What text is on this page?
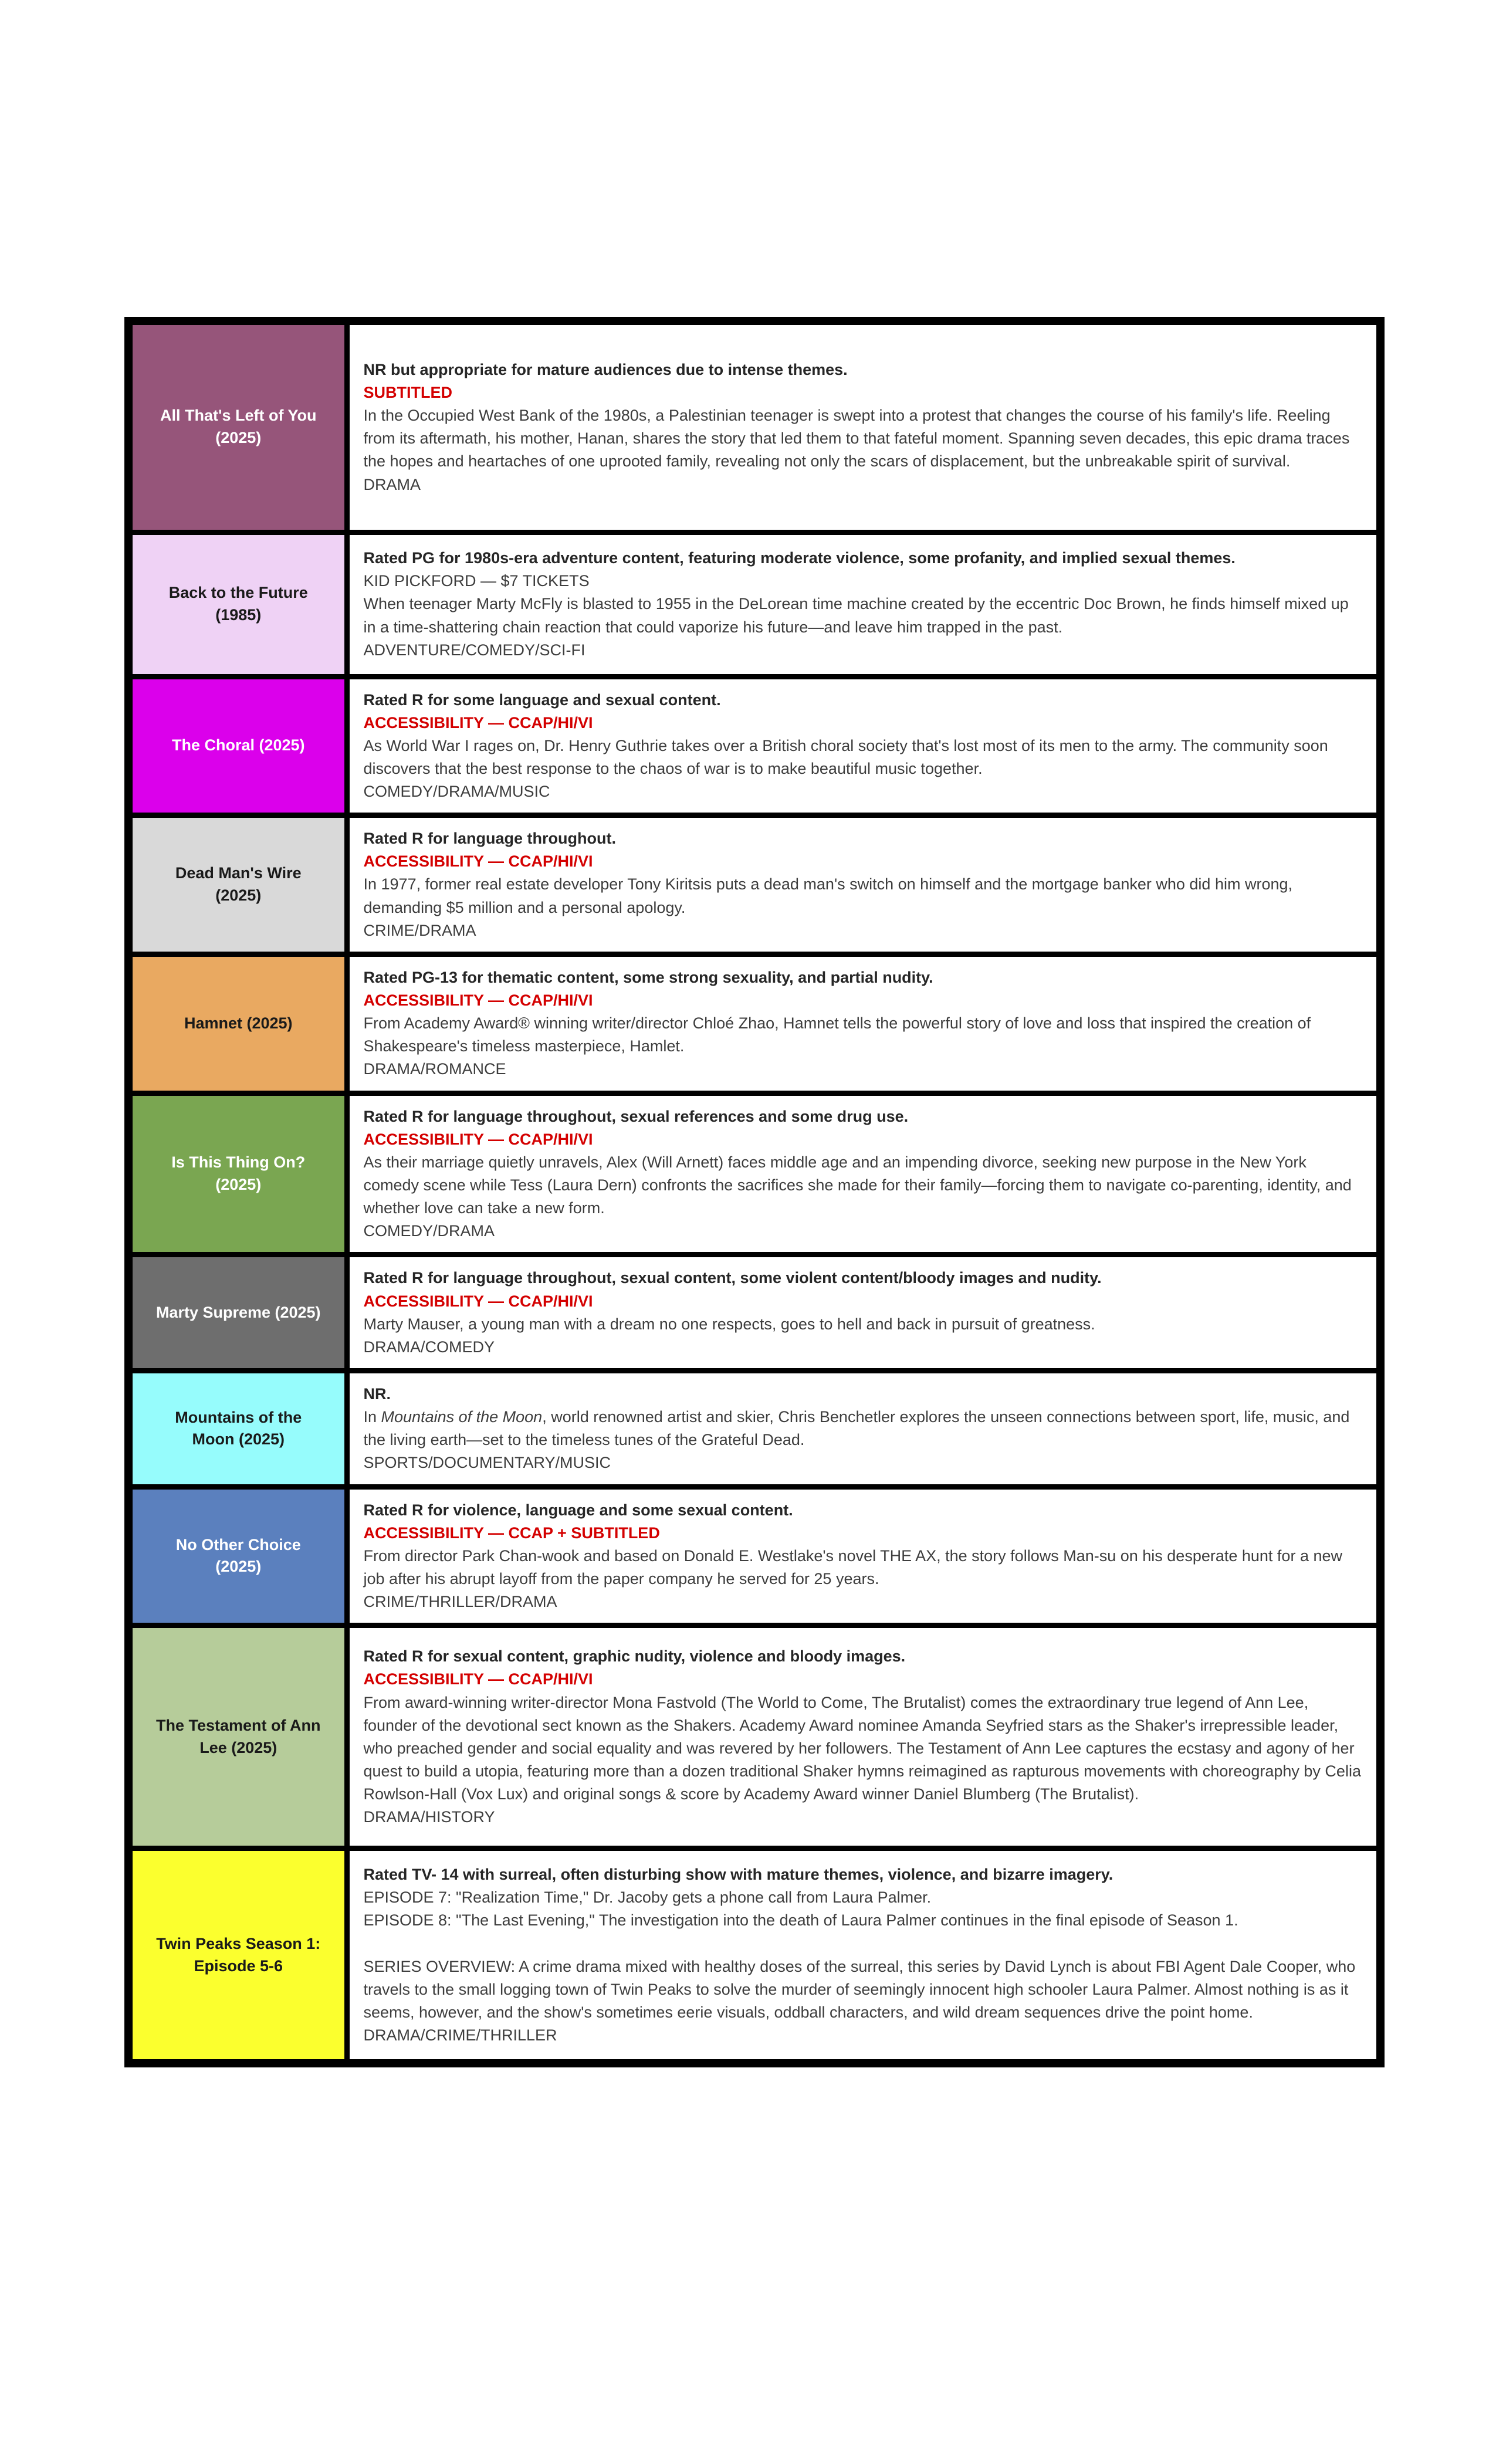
All That's Left of You
(2025)

NR but appropriate for mature audiences due to intense themes.
SUBTITLED
In the Occupied West Bank of the 1980s, a Palestinian teenager is swept into a protest that changes the course of his family's life. Reeling from its aftermath, his mother, Hanan, shares the story that led them to that fateful moment. Spanning seven decades, this epic drama traces the hopes and heartaches of one uprooted family, revealing not only the scars of displacement, but the unbreakable spirit of survival.
DRAMA

Back to the Future
(1985)

Rated PG for 1980s-era adventure content, featuring moderate violence, some profanity, and implied sexual themes.
KID PICKFORD — $7 TICKETS
When teenager Marty McFly is blasted to 1955 in the DeLorean time machine created by the eccentric Doc Brown, he finds himself mixed up in a time-shattering chain reaction that could vaporize his future—and leave him trapped in the past.
ADVENTURE/COMEDY/SCI-FI

The Choral (2025)	Rated R for some language and sexual content.
ACCESSIBILITY — CCAP/HI/VI
As World War I rages on, Dr. Henry Guthrie takes over a British choral society that's lost most of its men to the army. The community soon discovers that the best response to the chaos of war is to make beautiful music together.
COMEDY/DRAMA/MUSIC

Dead Man's Wire
(2025)

Rated R for language throughout.
ACCESSIBILITY — CCAP/HI/VI
In 1977, former real estate developer Tony Kiritsis puts a dead man's switch on himself and the mortgage banker who did him wrong, demanding $5 million and a personal apology.
CRIME/DRAMA

Hamnet (2025)	Rated PG-13 for thematic content, some strong sexuality, and partial nudity.
ACCESSIBILITY — CCAP/HI/VI
From Academy Award® winning writer/director Chloé Zhao, Hamnet tells the powerful story of love and loss that inspired the creation of Shakespeare's timeless masterpiece, Hamlet.
DRAMA/ROMANCE

Is This Thing On?
(2025)

Rated R for language throughout, sexual references and some drug use.
ACCESSIBILITY — CCAP/HI/VI
As their marriage quietly unravels, Alex (Will Arnett) faces middle age and an impending divorce, seeking new purpose in the New York comedy scene while Tess (Laura Dern) confronts the sacrifices she made for their family—forcing them to navigate co-parenting, identity, and whether love can take a new form.
COMEDY/DRAMA

Marty Supreme (2025)	Rated R for language throughout, sexual content, some violent content/bloody images and nudity.
ACCESSIBILITY — CCAP/HI/VI
Marty Mauser, a young man with a dream no one respects, goes to hell and back in pursuit of greatness.
DRAMA/COMEDY

Mountains of the
Moon (2025)

NR.
In Mountains of the Moon, world renowned artist and skier, Chris Benchetler explores the unseen connections between sport, life, music, and the living earth—set to the timeless tunes of the Grateful Dead.
SPORTS/DOCUMENTARY/MUSIC

No Other Choice
(2025)

Rated R for violence, language and some sexual content.
ACCESSIBILITY — CCAP + SUBTITLED
From director Park Chan-wook and based on Donald E. Westlake's novel THE AX, the story follows Man-su on his desperate hunt for a new job after his abrupt layoff from the paper company he served for 25 years.
CRIME/THRILLER/DRAMA

The Testament of Ann
Lee (2025)

Rated R for sexual content, graphic nudity, violence and bloody images.
ACCESSIBILITY — CCAP/HI/VI
From award-winning writer-director Mona Fastvold (The World to Come, The Brutalist) comes the extraordinary true legend of Ann Lee, founder of the devotional sect known as the Shakers. Academy Award nominee Amanda Seyfried stars as the Shaker's irrepressible leader, who preached gender and social equality and was revered by her followers. The Testament of Ann Lee captures the ecstasy and agony of her quest to build a utopia, featuring more than a dozen traditional Shaker hymns reimagined as rapturous movements with choreography by Celia Rowlson-Hall (Vox Lux) and original songs & score by Academy Award winner Daniel Blumberg (The Brutalist).
DRAMA/HISTORY

Twin Peaks Season 1:
Episode 5-6

Rated TV- 14 with surreal, often disturbing show with mature themes, violence, and bizarre imagery.
EPISODE 7: "Realization Time," Dr. Jacoby gets a phone call from Laura Palmer.
EPISODE 8: "The Last Evening," The investigation into the death of Laura Palmer continues in the final episode of Season 1.
SERIES OVERVIEW: A crime drama mixed with healthy doses of the surreal, this series by David Lynch is about FBI Agent Dale Cooper, who travels to the small logging town of Twin Peaks to solve the murder of seemingly innocent high schooler Laura Palmer. Almost nothing is as it seems, however, and the show's sometimes eerie visuals, oddball characters, and wild dream sequences drive the point home.
DRAMA/CRIME/THRILLER
